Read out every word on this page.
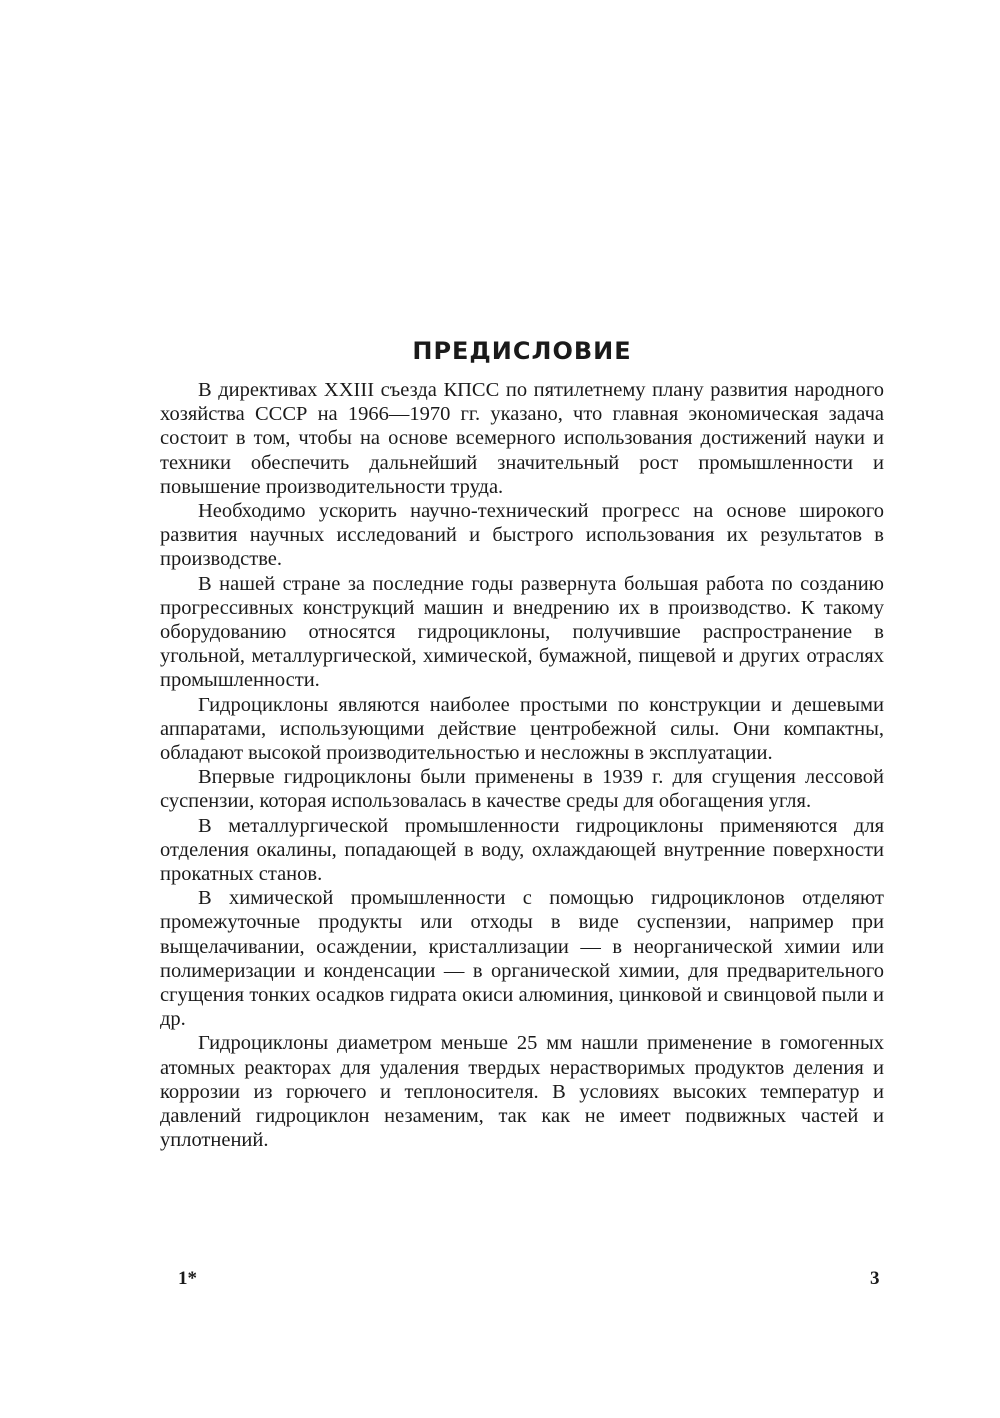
ПРЕДИСЛОВИЕ

В директивах XXIII съезда КПСС по пятилетнему плану развития народного хозяйства СССР на 1966—1970 гг. указано, что главная экономическая задача состоит в том, чтобы на основе всемерного использования достижений науки и техники обеспечить дальнейший значительный рост промышленности и повышение производительности труда.

Необходимо ускорить научно-технический прогресс на основе широкого развития научных исследований и быстрого использования их результатов в производстве.

В нашей стране за последние годы развернута большая работа по созданию прогрессивных конструкций машин и внедрению их в производство. К такому оборудованию относятся гидроциклоны, получившие распространение в угольной, металлургической, химической, бумажной, пищевой и других отраслях промышленности.

Гидроциклоны являются наиболее простыми по конструкции и дешевыми аппаратами, использующими действие центробежной силы. Они компактны, обладают высокой производительностью и несложны в эксплуатации.

Впервые гидроциклоны были применены в 1939 г. для сгущения лессовой суспензии, которая использовалась в качестве среды для обогащения угля.

В металлургической промышленности гидроциклоны применяются для отделения окалины, попадающей в воду, охлаждающей внутренние поверхности прокатных станов.

В химической промышленности с помощью гидроциклонов отделяют промежуточные продукты или отходы в виде суспензии, например при выщелачивании, осаждении, кристаллизации — в неорганической химии или полимеризации и конденсации — в органической химии, для предварительного сгущения тонких осадков гидрата окиси алюминия, цинковой и свинцовой пыли и др.

Гидроциклоны диаметром меньше 25 мм нашли применение в гомогенных атомных реакторах для удаления твердых нерастворимых продуктов деления и коррозии из горючего и теплоносителя. В условиях высоких температур и давлений гидроциклон незаменим, так как не имеет подвижных частей и уплотнений.

1*	3
